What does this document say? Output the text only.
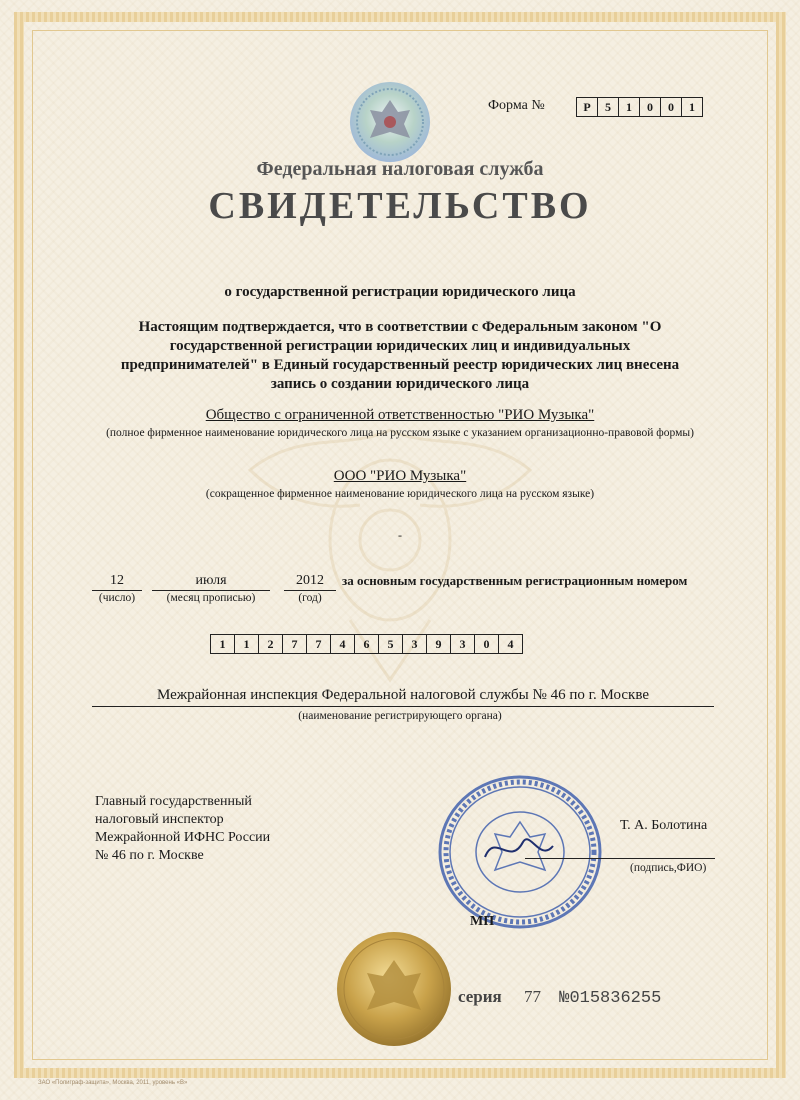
Форма №	Р	5	1	0	0	1
Федеральная налоговая служба
СВИДЕТЕЛЬСТВО
о государственной регистрации юридического лица
Настоящим подтверждается, что в соответствии с Федеральным законом "О государственной регистрации юридических лиц и индивидуальных предпринимателей" в Единый государственный реестр юридических лиц внесена запись о создании юридического лица
Общество с ограниченной ответственностью "РИО Музыка"
(полное фирменное наименование юридического лица на русском языке с указанием организационно-правовой формы)
ООО "РИО Музыка"
(сокращенное фирменное наименование юридического лица на русском языке)
-
12
(число)
июля
(месяц прописью)
2012
(год)
за основным государственным регистрационным номером
1	1	2	7	7	4	6	5	3	9	3	0	4
Межрайонная инспекция Федеральной налоговой службы № 46 по г. Москве
(наименование регистрирующего органа)
Главный государственный
налоговый инспектор
Межрайонной ИФНС России
№ 46 по г. Москве
Т. А. Болотина
(подпись,ФИО)
МП
серия 77 №015836255
ЗАО «Полиграф-защита», Москва, 2011, уровень «В»
